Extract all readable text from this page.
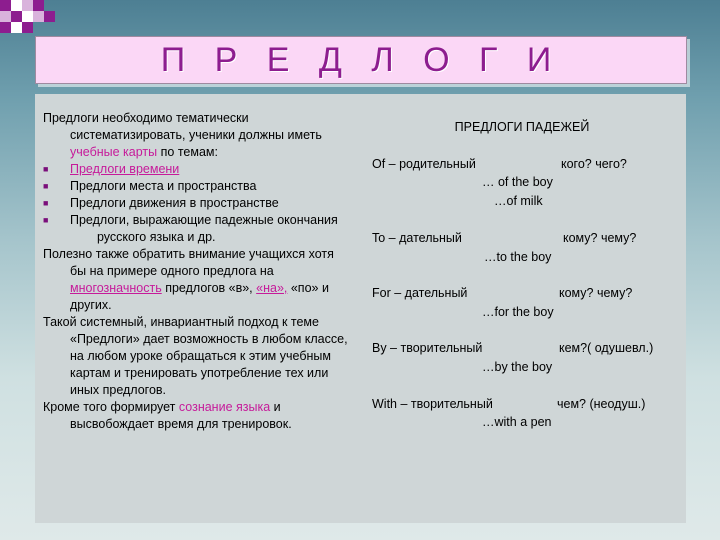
П Р Е Д Л О Г И

Предлоги необходимо тематически систематизировать, ученики должны иметь учебные карты по темам:

■	Предлоги времени
■	Предлоги места и пространства
■	Предлоги движения в пространстве
■	Предлоги, выражающие падежные окончания русского языка и др.

Полезно также обратить внимание учащихся хотя бы на примере одного предлога на многозначность предлогов «в», «на», «по» и других.

Такой системный, инвариантный подход к теме «Предлоги» дает возможность в любом классе, на любом уроке обращаться к этим учебным картам и тренировать употребление тех или иных предлогов.

Кроме того формирует сознание языка и высвобождает время для тренировок.

ПРЕДЛОГИ ПАДЕЖЕЙ
Of – родительный	кого? чего?
… of the boy
…of milk
To – дательный	кому? чему?
…to the boy
For – дательный	кому? чему?
…for the boy
By – творительный	кем?( одушевл.)
…by the boy
With – творительный	чем? (неодуш.)
…with a pen
